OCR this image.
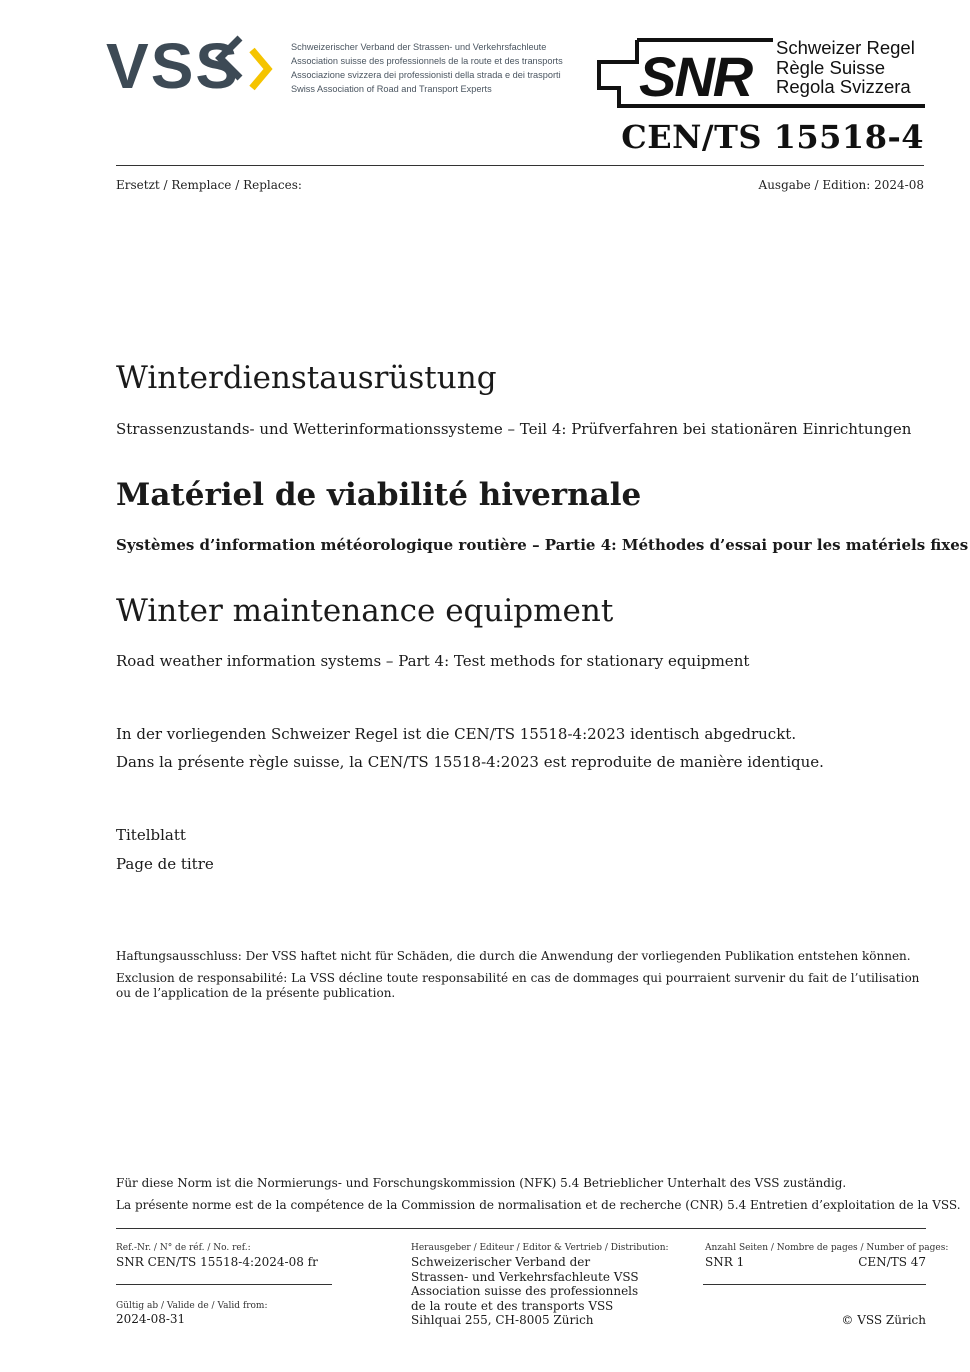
VSS	Schweizerischer Verband der Strassen- und Verkehrsfachleute
Association suisse des professionnels de la route et des transports
Associazione svizzera dei professionisti della strada e dei trasporti
Swiss Association of Road and Transport Experts	SNR Schweizer Regel
Règle Suisse
Regola Svizzera
CEN/TS 15518-4
Ersetzt / Remplace / Replaces:	Ausgabe / Edition: 2024-08
Winterdienstausrüstung
Strassenzustands- und Wetterinformationssysteme – Teil 4: Prüfverfahren bei stationären Einrichtungen
Matériel de viabilité hivernale
Systèmes d’information météorologique routière – Partie 4: Méthodes d’essai pour les matériels fixes
Winter maintenance equipment
Road weather information systems – Part 4: Test methods for stationary equipment
In der vorliegenden Schweizer Regel ist die CEN/TS 15518-4:2023 identisch abgedruckt.
Dans la présente règle suisse, la CEN/TS 15518-4:2023 est reproduite de manière identique.
Titelblatt
Page de titre
Haftungsausschluss: Der VSS haftet nicht für Schäden, die durch die Anwendung der vorliegenden Publikation entstehen können.
Exclusion de responsabilité: La VSS décline toute responsabilité en cas de dommages qui pourraient survenir du fait de l’utilisation
ou de l’application de la présente publication.
Für diese Norm ist die Normierungs- und Forschungskommission (NFK) 5.4 Betrieblicher Unterhalt des VSS zuständig.
La présente norme est de la compétence de la Commission de normalisation et de recherche (CNR) 5.4 Entretien d’exploitation de la VSS.
Ref.-Nr. / N° de réf. / No. ref.:
SNR CEN/TS 15518-4:2024-08 fr
Gültig ab / Valide de / Valid from:
2024-08-31
Herausgeber / Editeur / Editor & Vertrieb / Distribution:
Schweizerischer Verband der
Strassen- und Verkehrsfachleute VSS
Association suisse des professionnels
de la route et des transports VSS
Sihlquai 255, CH-8005 Zürich
Anzahl Seiten / Nombre de pages / Number of pages:
SNR 1	CEN/TS 47
© VSS Zürich
